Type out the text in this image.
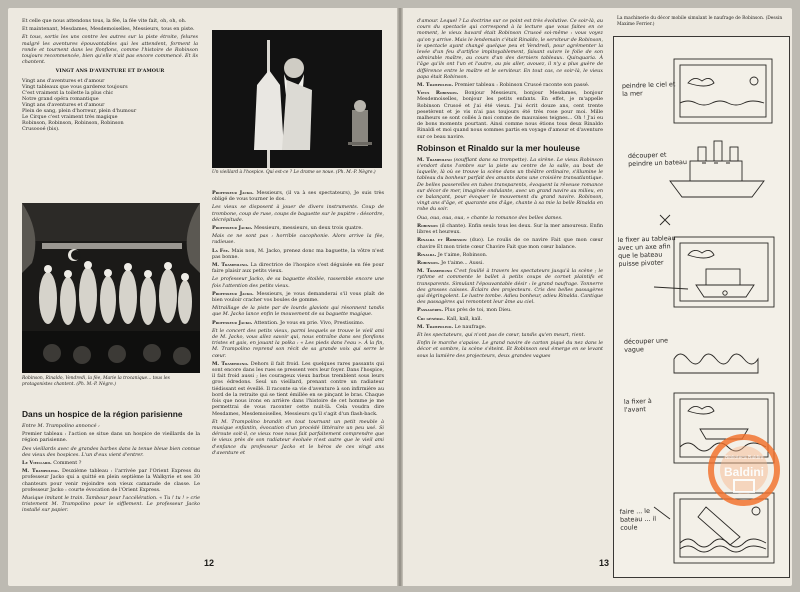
Et celle que nous attendons tous, la fée, la fée vite fait, oh, oh, oh.

Et maintenant, Mesdames, Mesdemoiselles, Messieurs, tous en piste.

Et tous, sortis les uns contre les autres sur la piste étroite, felures malgré les aventures épouvantables qui les attendent, forment la ronde et tournent dans les flonflons, comme l'histoire de Robinson toujours recommencée, bien qu'elle n'ait pas encore commencé. Et ils chantent.

VINGT ANS D'AVENTURE ET D'AMOUR

Vingt ans d'aventures et d'amour
Vingt tableaux que vous garderez toujours
C'est vraiment la toilette la plus chic
Notre grand opéra romantique
Vingt ans d'aventures et d'amour
Plein de sang, plein d'horreur, plein d'humour
Le Cirque c'est vraiment très magique
Robinson, Robinson, Robinson, Robinson
Crusoooé (bis).
Un vieillard à l'hospice. Qui est-ce ? Le drame se noue. (Ph. M.-P. Nègre.)
Robinson, Rinaldo, Vendredi, la fée, Marie la trocanique... tous les protagonistes chantent. (Ph. M.-P. Nègre.)
Dans un hospice de la région parisienne

Entre M. Trampolino annoncé :

Premier tableau : l'action se situe dans un hospice de vieillards de la région parisienne.

Des vieillards avec de grandes barbes dans la tenue bleue bien connue des vieux des hospices. L'un d'eux vient d'entrer.

Le Vieillard. Comment ?

M. Trampolino. Deuxième tableau : l'arrivée par l'Orient Express du professeur Jacko qui a quitté en plein septième la Walkyrie et ses 30 chanteurs pour venir rejoindre son vieux camarade de classe. Le professeur Jacko : courte évocation de l'Orient Express.

Musique imitant le train. Tambour pour l'accélération. « Tu ! tu ! » crie tristement M. Trampolino pour le sifflement. Le professeur Jacko installé sur papier.

Professeur Jacko. Messieurs, (il va à ses spectateurs), Je suis très obligé de vous tourner le dos.

Les vieux se disposent à jouer de divers instruments. Coup de trombone, coup de ruse, coups de baguette sur le pupitre : désordre, décrépitude.

Professeur Jacko. Messieurs, messieurs, un deux trois quatre.

Mais ce ne sont pas : horrible cacophonie. Alors arrive la fée, radieuse.

La Fée. Mais non, M. Jacko, prenez donc ma baguette, la vôtre n'est pas bonne.

M. Trampolino. La directrice de l'hospice s'est déguisée en fée pour faire plaisir aux petits vieux.

Le professeur Jacko, de sa baguette étoilée, rassemble encore une fois l'attention des petits vieux.

Professeur Jacko. Messieurs, je vous demanderai s'il vous plaît de bien vouloir cracher vos boules de gomme.

Mitraillage de la piste par de lourds glaviots qui résonnent tandis que M. Jacko lance enfin le mouvement de sa baguette magique.

Professeur Jacko. Attention. Je vous en prie. Vivo, Prestissimo.

Et le concert des petits vieux, parmi lesquels se trouve le vieil ami de M. Jacko, vous allez savoir qui, nous entraîne dans ses flonflons tristes et gais, en jouant la polka : « Les pieds dans l'eau ». À la fin, M. Trampolino reprend son récit de sa grande voix qui serre le cœur.

M. Trampolino. Dehors il fait froid. Les quelques rares passants qui sont encore dans les rues se pressent vers leur foyer. Dans l'hospice, il fait froid aussi ; les courageux vieux barbus tremblent sous leurs gros édredons. Seul un vieillard, prenant contre un radiateur tiédissant est éveillé. Il raconte sa vie d'aventure à son infirmière au bord de la retraite qui se tient émillée en se pinçant le bras. Chaque fois que nous irons en arrière dans l'histoire de cet homme je me permettrai de vous raconter cette nuit-là. Cela voudra dire Mesdames, Mesdemoiselles, Messieurs qu'il s'agit d'un flash-back.

Et M. Trampolino brandit en tout tournant un petit meuble à musique enfantin, évocation d'un procédé littéraire un peu usé. Si déroute soit-il, ce vieux rose nous fait parfaitement comprendre que le vieux près de son radiateur évoluée n'est autre que le vieil ami d'enfance du professeur Jacko et le héros de ces vingt ans d'aventure et

12

d'amour. Lequel ? La doctrine sur ce point est très évolutive. Ce soir-là, au cours du spectacle qui correspond à la lecture que vous faites en ce moment, le vieux bavard était Robinson Crusoé soi-même : vous voyez qu'on y arrive. Mais le lendemain c'était Rinaldo, le serviteur de Robinson, le spectacle ayant changé quelque peu et Vendredi, pour agrémenter la levée d'un feu d'artifice impitoyablement, faisant suivre le folie de son admirable maître, au cours d'un des derniers tableaux. Quinquaria. À l'âge qu'ils ont l'un et l'autre, au pis aller, avouez, il n'y a plus guère de différence entre le maître et le serviteur. En tout cas, ce soir-là, le vieux papa était Robinson.

M. Trampolino. Premier tableau : Robinson Crusoé raconte son passé.

Vieux Robinson. Bonjour Messieurs, bonjour Mesdames, bonjour Mesdemoiselles, bonjour les petits enfants. En effet, je m'appelle Robinson Crusoé et j'ai été vieux. J'ai écrit douze ans, cent trente pesetèrent et je vis n'ai pas toujours été très rose pour moi. Mille malheurs se sont collés à moi comme de mauvaises teignes... Oh ! J'ai eu de bons moments pourtant. Ainsi comme nous étions tous deux Rinaldo Rinaldi et moi quand nous sommes partis en voyage d'amour et d'aventure sur ce beau navire.

Robinson et Rinaldo sur la mer houleuse

M. Trampolino (soufflant dans sa trompette). La sirène. Le vieux Robinson s'endort dans l'ombre sur la piste au centre de la salle, au bout de laquelle, là où se trouve la scène dans un théâtre ordinaire, s'illumine le tableau du bonheur parfait des amants dans une croisière transatlantique. De belles passerelles en tubes transparents, évoquent la rêveuse romance sur décor de mer, imaginée ondulante, avec un grand navire au milieu, en ce balançant, pour évoquer le mouvement du grand navire. Robinson, vingt ans d'âge, et quarante ans d'âge, chante à sa mie la belle Rinalda en robe du soir.

Oua, oua, oua, oua, » chante la romance des belles dames.

Robinson (il chante). Enfin seuls tous les deux. Sur la mer amoureux. Enfin libres et heureux.

Rinalda et Robinson (duo). Le roulis de ce navire Fait que mon cœur chavire Et mon triste cœur Chavire Fait que mon cœur balance.

Rinalda. Je t'aime, Robinson.

Robinson. Je t'aime... Aussi.

M. Trampolino C'est fouillé à travers les spectateurs jusqu'à la scène ; le rythme et commente le ballet à petits coups de cornet plaintifs et transparents. Simulant l'épouvantable désir : le grand naufrage. Tonnerre des grosses caisses. Éclairs des projecteurs. Cris des belles passagères qui dégringolent. Le lustre tombe. Adieu bonheur, adieu Rinalda. Cantique des passagères qui remontent leur âme au ciel.

Passagères. Plus près de toi, mon Dieu.

Cri général. Kaïl, kaïl, kaïl.

M. Trampolino. Le naufrage.

Et les spectateurs, qui n'ont pas de cœur, tandis qu'en meurt, rient.

Enfin le marche s'apaise. Le grand navire de carton piqué du nez dans le décor et sombre, la scène s'éteint. Et Robinson seul émerge en se levant sous la lumière des projecteurs, deux grandes vagues

La machinerie du décor mobile simulant le naufrage de Robinson. (Dessin Maxime Ferrier.)
peindre le ciel et la mer
découper et peindre un bateau
le fixer au tableau avec un axe afin que le bateau puisse pivoter
découper une vague
la fixer à l'avant
faire ... le bateau ... il coule
Biblioteca Baldini
Baldini
13
